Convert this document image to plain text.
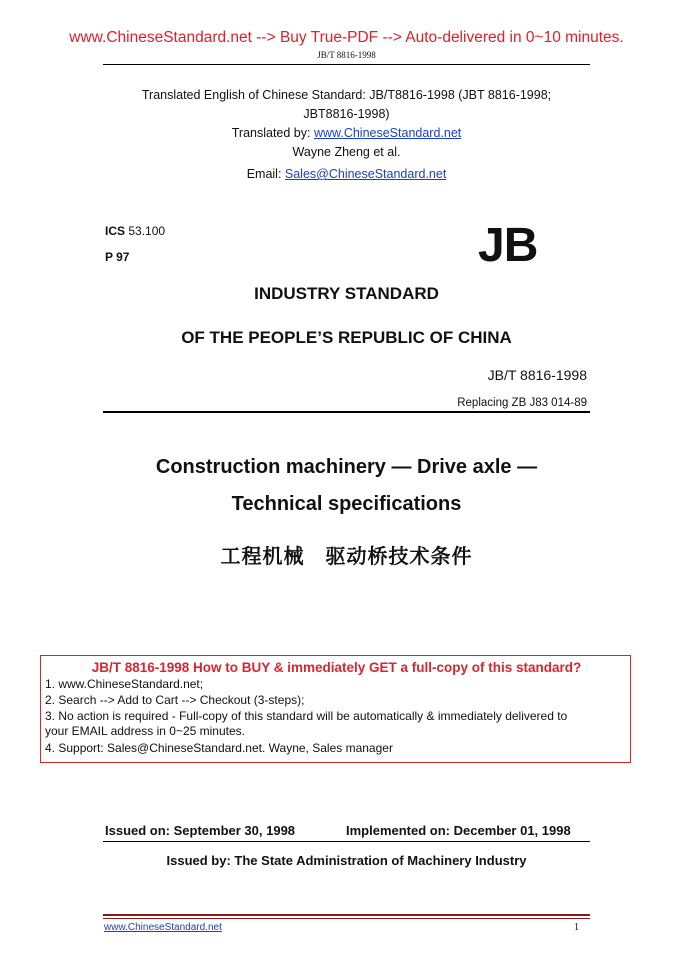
www.ChineseStandard.net --> Buy True-PDF --> Auto-delivered in 0~10 minutes.
JB/T 8816-1998
Translated English of Chinese Standard: JB/T8816-1998 (JBT 8816-1998;
JBT8816-1998)
Translated by: www.ChineseStandard.net
Wayne Zheng et al.
Email: Sales@ChineseStandard.net
ICS 53.100
P 97	JB
INDUSTRY STANDARD
OF THE PEOPLE’S REPUBLIC OF CHINA
JB/T 8816-1998
Replacing ZB J83 014-89
Construction machinery — Drive axle —
Technical specifications
工程机械　驱动桥技术条件
JB/T 8816-1998 How to BUY & immediately GET a full-copy of this standard?
1. www.ChineseStandard.net;
2. Search --> Add to Cart --> Checkout (3-steps);
3. No action is required - Full-copy of this standard will be automatically & immediately delivered to
your EMAIL address in 0~25 minutes.
4. Support: Sales@ChineseStandard.net. Wayne, Sales manager
Issued on: September 30, 1998	Implemented on: December 01, 1998
Issued by: The State Administration of Machinery Industry
www.ChineseStandard.net	1
